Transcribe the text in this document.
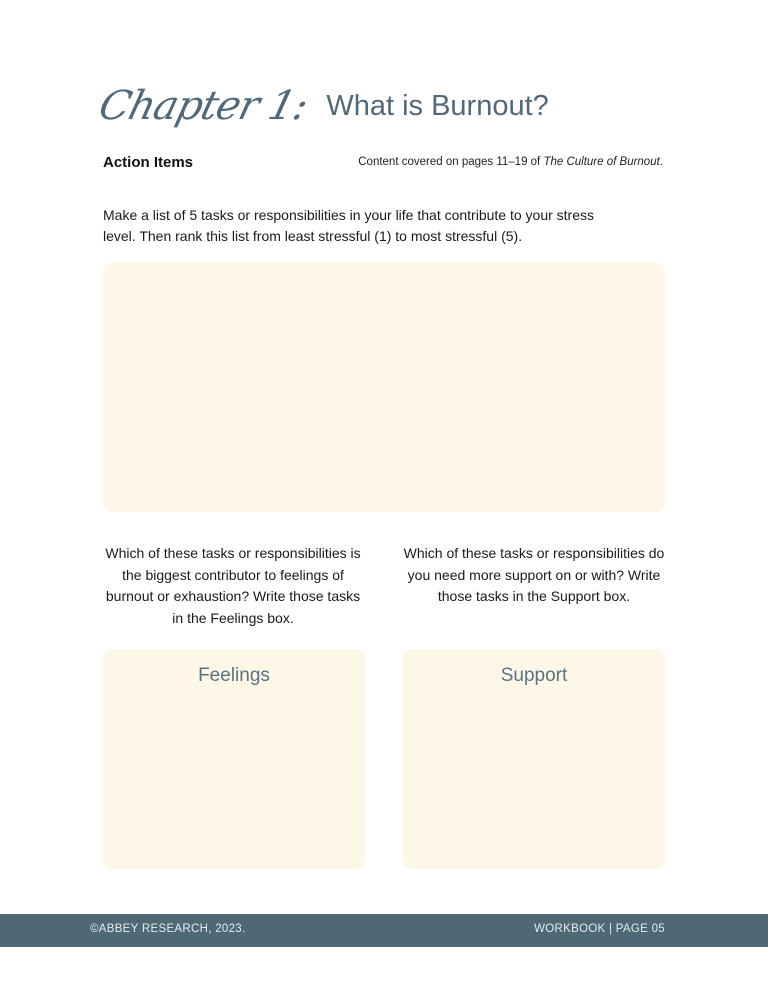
Chapter 1: What is Burnout?
Action Items	Content covered on pages 11–19 of The Culture of Burnout.
Make a list of 5 tasks or responsibilities in your life that contribute to your stress level. Then rank this list from least stressful (1) to most stressful (5).
Which of these tasks or responsibilities is the biggest contributor to feelings of burnout or exhaustion? Write those tasks in the Feelings box.
Which of these tasks or responsibilities do you need more support on or with? Write those tasks in the Support box.
Feelings	Support
©ABBEY RESEARCH, 2023.	WORKBOOK | PAGE 05
